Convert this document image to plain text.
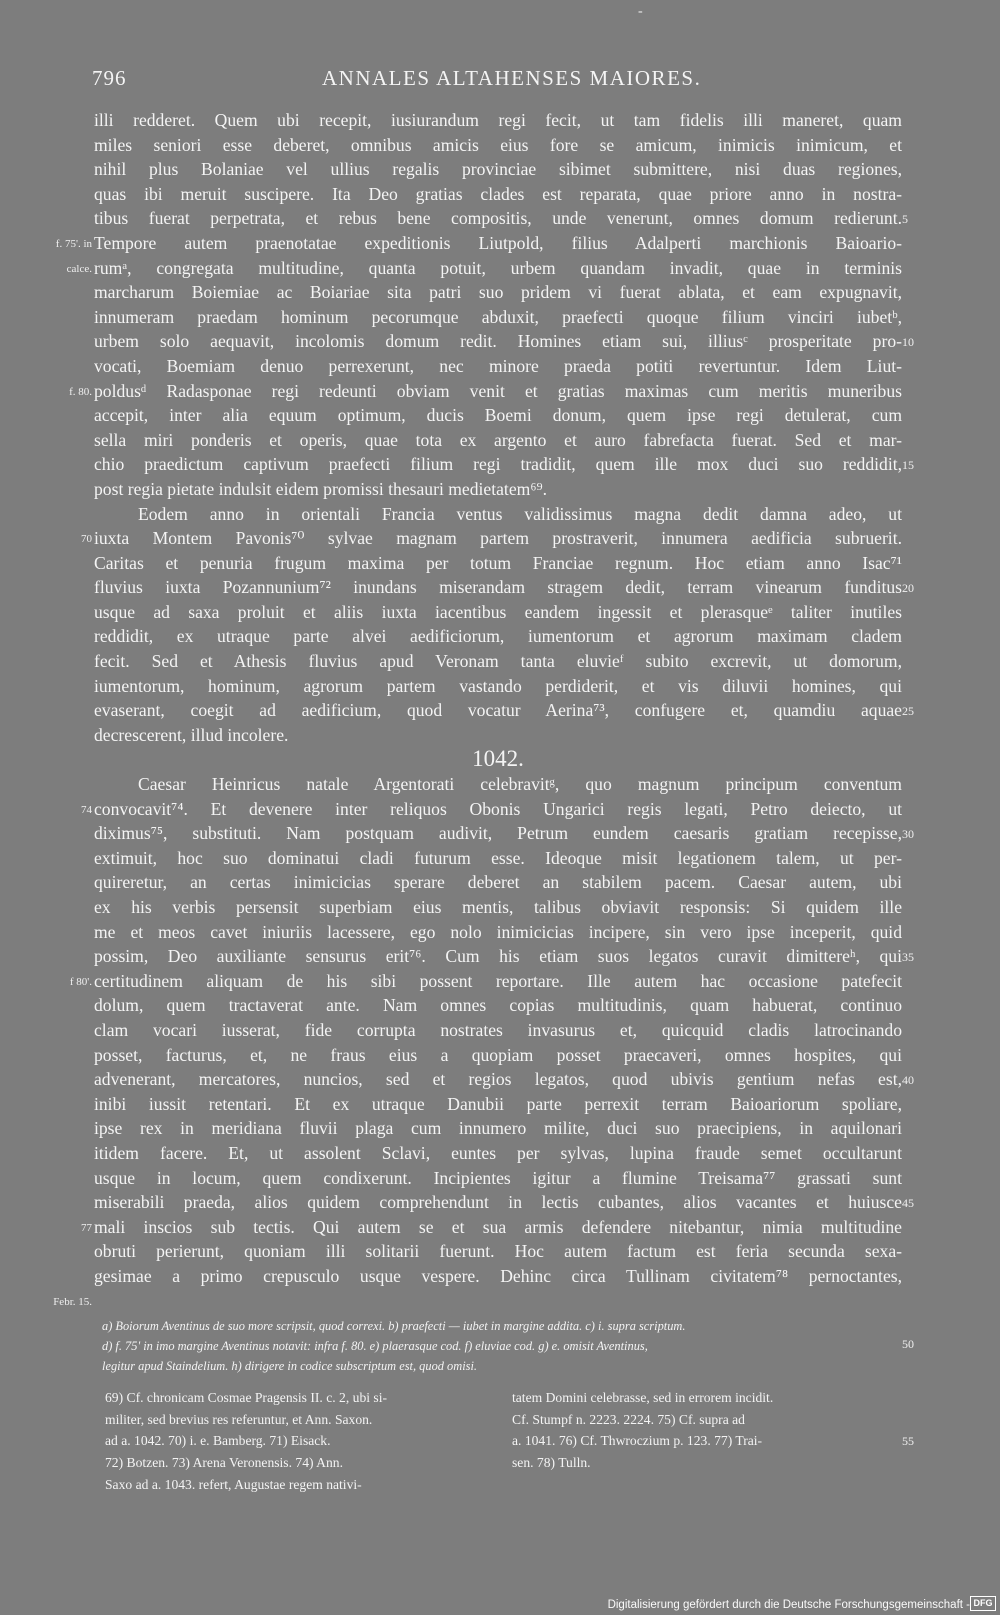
-
796	ANNALES ALTAHENSES MAIORES.
illi redderet. Quem ubi recepit, iusiurandum regi fecit, ut tam fidelis illi maneret, quam
miles seniori esse deberet, omnibus amicis eius fore se amicum, inimicis inimicum, et
nihil plus Bolaniae vel ullius regalis provinciae sibimet submittere, nisi duas regiones,
quas ibi meruit suscipere. Ita Deo gratias clades est reparata, quae priore anno in nostra-
tibus fuerat perpetrata, et rebus bene compositis, unde venerunt, omnes domum redierunt.
Tempore autem praenotatae expeditionis Liutpold, filius Adalperti marchionis Baioario-
rumᵃ, congregata multitudine, quanta potuit, urbem quandam invadit, quae in terminis
marcharum Boiemiae ac Boiariae sita patri suo pridem vi fuerat ablata, et eam expugnavit,
innumeram praedam hominum pecorumque abduxit, praefecti quoque filium vinciri iubetᵇ,
urbem solo aequavit, incolomis domum redit. Homines etiam sui, illiusᶜ prosperitate pro-
vocati, Boemiam denuo perrexerunt, nec minore praeda potiti revertuntur. Idem Liut-
poldusᵈ Radasponae regi redeunti obviam venit et gratias maximas cum meritis muneribus
accepit, inter alia equum optimum, ducis Boemi donum, quem ipse regi detulerat, cum
sella miri ponderis et operis, quae tota ex argento et auro fabrefacta fuerat. Sed et mar-
chio praedictum captivum praefecti filium regi tradidit, quem ille mox duci suo reddidit,
post regia pietate indulsit eidem promissi thesauri medietatem⁶⁹.
Eodem anno in orientali Francia ventus validissimus magna dedit damna adeo, ut
iuxta Montem Pavonis⁷⁰ sylvae magnam partem prostraverit, innumera aedificia subruerit.
Caritas et penuria frugum maxima per totum Franciae regnum. Hoc etiam anno Isac⁷¹
fluvius iuxta Pozannunium⁷² inundans miserandam stragem dedit, terram vinearum funditus
usque ad saxa proluit et aliis iuxta iacentibus eandem ingessit et plerasqueᵉ taliter inutiles
reddidit, ex utraque parte alvei aedificiorum, iumentorum et agrorum maximam cladem
fecit. Sed et Athesis fluvius apud Veronam tanta eluvieᶠ subito excrevit, ut domorum,
iumentorum, hominum, agrorum partem vastando perdiderit, et vis diluvii homines, qui
evaserant, coegit ad aedificium, quod vocatur Aerina⁷³, confugere et, quamdiu aquae
decrescerent, illud incolere.
1042.
Caesar Heinricus natale Argentorati celebravitᵍ, quo magnum principum conventum
convocavit⁷⁴. Et devenere inter reliquos Obonis Ungarici regis legati, Petro deiecto, ut
diximus⁷⁵, substituti. Nam postquam audivit, Petrum eundem caesaris gratiam recepisse,
extimuit, hoc suo dominatui cladi futurum esse. Ideoque misit legationem talem, ut per-
quireretur, an certas inimicicias sperare deberet an stabilem pacem. Caesar autem, ubi
ex his verbis persensit superbiam eius mentis, talibus obviavit responsis: Si quidem ille
me et meos cavet iniuriis lacessere, ego nolo inimicicias incipere, sin vero ipse inceperit, quid
possim, Deo auxiliante sensurus erit⁷⁶. Cum his etiam suos legatos curavit dimittereʰ, qui
certitudinem aliquam de his sibi possent reportare. Ille autem hac occasione patefecit
dolum, quem tractaverat ante. Nam omnes copias multitudinis, quam habuerat, continuo
clam vocari iusserat, fide corrupta nostrates invasurus et, quicquid cladis latrocinando
posset, facturus, et, ne fraus eius a quopiam posset praecaveri, omnes hospites, qui
advenerant, mercatores, nuncios, sed et regios legatos, quod ubivis gentium nefas est,
inibi iussit retentari. Et ex utraque Danubii parte perrexit terram Baioariorum spoliare,
ipse rex in meridiana fluvii plaga cum innumero milite, duci suo praecipiens, in aquilonari
itidem facere. Et, ut assolent Sclavi, euntes per sylvas, lupina fraude semet occultarunt
usque in locum, quem condixerunt. Incipientes igitur a flumine Treisama⁷⁷ grassati sunt
miserabili praeda, alios quidem comprehendunt in lectis cubantes, alios vacantes et huiusce
mali inscios sub tectis. Qui autem se et sua armis defendere nitebantur, nimia multitudine
obruti perierunt, quoniam illi solitarii fuerunt. Hoc autem factum est feria secunda sexa-
gesimae a primo crepusculo usque vespere. Dehinc circa Tullinam civitatem⁷⁸ pernoctantes,
f. 75'. in
calce.
f. 80.
70
74
f 80'.
77
Febr. 15.
5
10
15
20
25
30
35
40
45
a) Boiorum Aventinus de suo more scripsit, quod correxi. b) praefecti — iubet in margine addita. c) i. supra scriptum.
d) f. 75' in imo margine Aventinus notavit: infra f. 80. e) plaerasque cod. f) eluviae cod. g) e. omisit Aventinus,
legitur apud Staindelium. h) dirigere in codice subscriptum est, quod omisi.
50
69) Cf. chronicam Cosmae Pragensis II. c. 2, ubi si-
militer, sed brevius res referuntur, et Ann. Saxon.
ad a. 1042. 70) i. e. Bamberg. 71) Eisack.
72) Botzen. 73) Arena Veronensis. 74) Ann.
Saxo ad a. 1043. refert, Augustae regem nativi-
tatem Domini celebrasse, sed in errorem incidit.
Cf. Stumpf n. 2223. 2224. 75) Cf. supra ad
a. 1041. 76) Cf. Thwroczium p. 123. 77) Trai-
sen. 78) Tulln.
55
Digitalisierung gefördert durch die Deutsche Forschungsgemeinschaft - DFG
